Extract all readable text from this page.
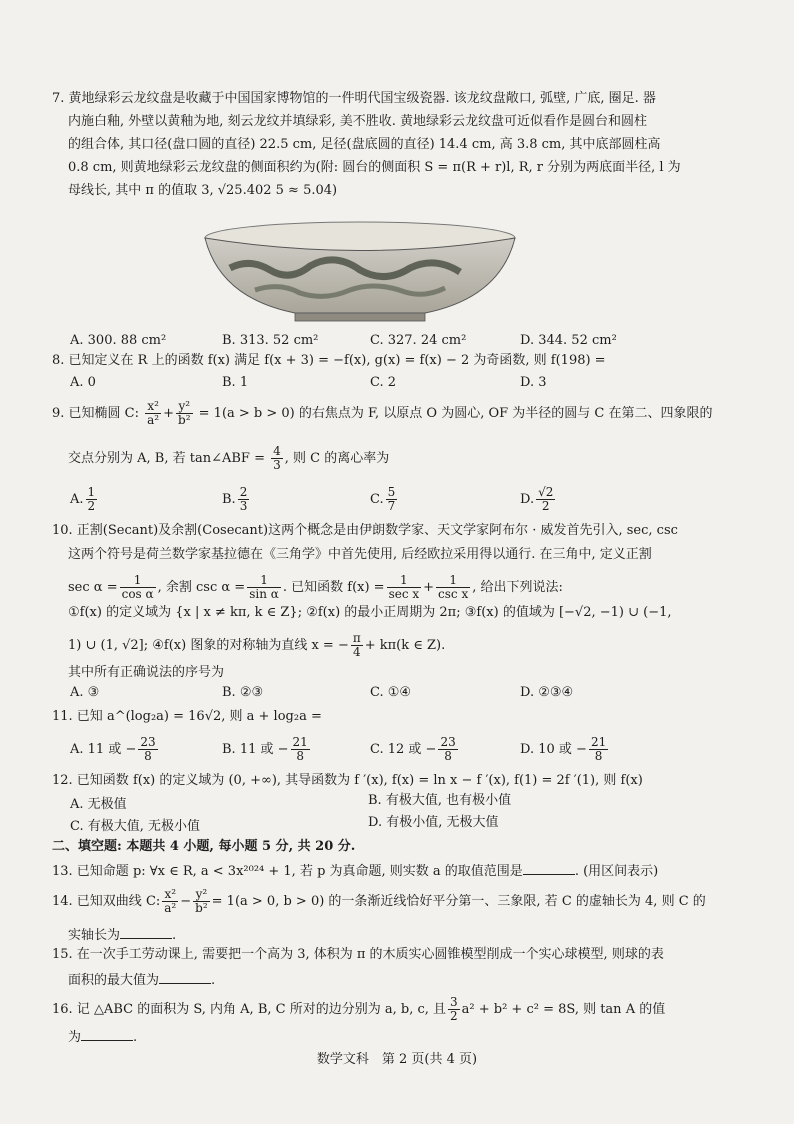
7. 黄地绿彩云龙纹盘是收藏于中国国家博物馆的一件明代国宝级瓷器. 该龙纹盘敞口, 弧壁, 广底, 圈足. 器
内施白釉, 外壁以黄釉为地, 刻云龙纹并填绿彩, 美不胜收. 黄地绿彩云龙纹盘可近似看作是圆台和圆柱
的组合体, 其口径(盘口圆的直径) 22.5 cm, 足径(盘底圆的直径) 14.4 cm, 高 3.8 cm, 其中底部圆柱高
0.8 cm, 则黄地绿彩云龙纹盘的侧面积约为(附: 圆台的侧面积 S = π(R + r)l, R, r 分别为两底面半径, l 为
母线长, 其中 π 的值取 3, √25.402 5 ≈ 5.04)
A. 300. 88 cm²	B. 313. 52 cm²	C. 327. 24 cm²	D. 344. 52 cm²
8. 已知定义在 R 上的函数 f(x) 满足 f(x + 3) = −f(x), g(x) = f(x) − 2 为奇函数, 则 f(198) =
A. 0	B. 1	C. 2	D. 3
9. 已知椭圆 C: $\frac{\text{x²}}{\text{a²}} + \frac{\text{y²}}{\text{b²}} = 1(a > b > 0)$ 的右焦点为 F, 以原点 O 为圆心, OF 为半径的圆与 C 在第二、四象限的
交点分别为 A, B, 若 tan∠ABF = $\frac{4}{3}$ , 则 C 的离心率为
A. $\frac{1}{2}$	B. $\frac{2}{3}$	C. $\frac{5}{7}$	D. $\frac{√2}{2}$
10. 正割(Secant)及余割(Cosecant)这两个概念是由伊朗数学家、天文学家阿布尔 · 威发首先引入, sec, csc
这两个符号是荷兰数学家基拉德在《三角学》中首先使用, 后经欧拉采用得以通行. 在三角中, 定义正割
$\sec \alpha = \frac{1}{\text{cos α}}$ , 余割 $\csc \alpha = \frac{1}{\text{sin α}}$ . 已知函数 $f(x) = \frac{1}{\text{sec x}} + \frac{1}{\text{csc x}}$ , 给出下列说法:
①f(x) 的定义域为 {x | x ≠ kπ, k ∈ Z}; ②f(x) 的最小正周期为 2π; ③f(x) 的值域为 [−√2, −1) ∪ (−1,
1) ∪ (1, √2]; ④f(x) 图象的对称轴为直线 x = − $\frac{\pi}{4} + k\pi(k$ ∈ Z).
其中所有正确说法的序号为
A. ③	B. ②③	C. ①④	D. ②③④
11. 已知 a^(log₂a) = 16√2, 则 a + log₂a =
A. 11 或 − $\frac{23}{8}$	B. 11 或 − $\frac{21}{8}$	C. 12 或 − $\frac{23}{8}$	D. 10 或 − $\frac{21}{8}$
12. 已知函数 f(x) 的定义域为 (0, +∞), 其导函数为 f ′(x), f(x) = ln x − f ′(x), f(1) = 2f ′(1), 则 f(x)
A. 无极值	B. 有极大值, 也有极小值
C. 有极大值, 无极小值	D. 有极小值, 无极大值
二、填空题: 本题共 4 小题, 每小题 5 分, 共 20 分.
13. 已知命题 p: ∀x ∈ R, a < 3x²⁰²⁴ + 1, 若 p 为真命题, 则实数 a 的取值范围是	. (用区间表示)
14. 已知双曲线 C: $\frac{\text{x²}}{\text{a²}} - \frac{\text{y²}}{\text{b²}} = 1(a > 0$, b > 0) 的一条渐近线恰好平分第一、三象限, 若 C 的虚轴长为 4, 则 C 的
实轴长为	.
15. 在一次手工劳动课上, 需要把一个高为 3, 体积为 π 的木质实心圆锥模型削成一个实心球模型, 则球的表
面积的最大值为	.
16. 记 △ABC 的面积为 S, 内角 A, B, C 所对的边分别为 a, b, c, 且 $\frac{3}{2} a^2 + b^2 + c^2 = 8S$, 则 tan A 的值
为	.
数学文科　第 2 页(共 4 页)
